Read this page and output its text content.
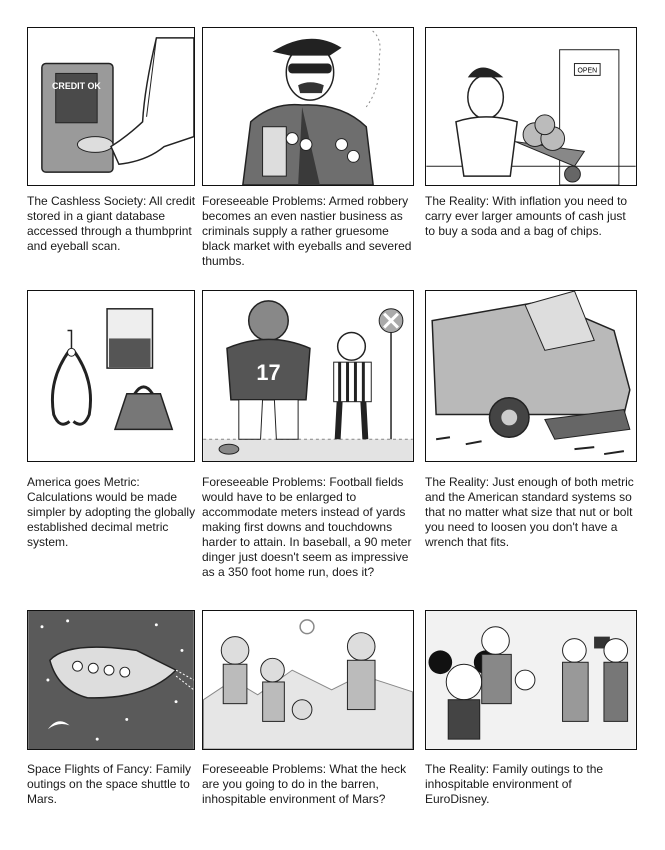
CREDIT OK
The Cashless Society: All credit stored in a giant database accessed through a thumbprint and eyeball scan.
Foreseeable Problems: Armed robbery becomes an even nastier business as criminals supply a rather gruesome black market with eyeballs and severed thumbs.
OPEN
The Reality: With inflation you need to carry ever larger amounts of cash just to buy a soda and a bag of chips.
America goes Metric: Calculations would be made simpler by adopting the globally established decimal metric system.
17
Foreseeable Problems: Football fields would have to be enlarged to accommodate meters instead of yards making first downs and touchdowns harder to attain. In baseball, a 90 meter dinger just doesn't seem as impressive as a 350 foot home run, does it?
The Reality: Just enough of both metric and the American standard systems so that no matter what size that nut or bolt you need to loosen you don't have a wrench that fits.
Space Flights of Fancy: Family outings on the space shuttle to Mars.
Foreseeable Problems: What the heck are you going to do in the barren, inhospitable environment of Mars?
The Reality: Family outings to the inhospitable environment of EuroDisney.
